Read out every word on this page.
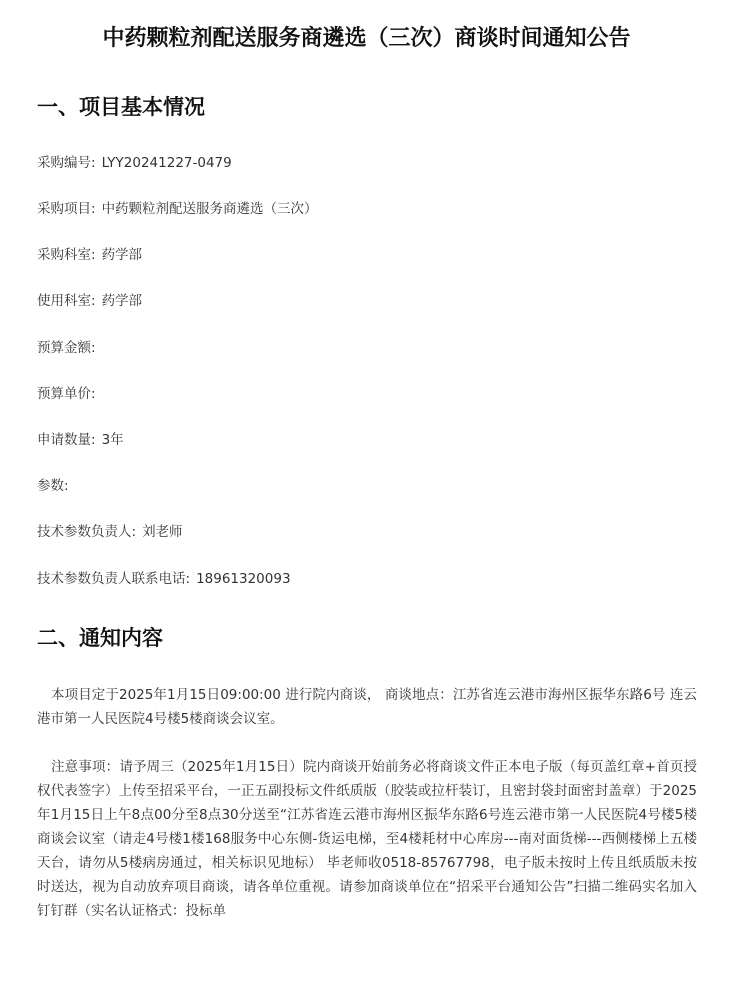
中药颗粒剂配送服务商遴选（三次）商谈时间通知公告
一、项目基本情况
采购编号: LYY20241227-0479
采购项目: 中药颗粒剂配送服务商遴选（三次）
采购科室: 药学部
使用科室: 药学部
预算金额:
预算单价:
申请数量: 3年
参数:
技术参数负责人: 刘老师
技术参数负责人联系电话: 18961320093
二、通知内容
本项目定于2025年1月15日09:00:00 进行院内商谈， 商谈地点：江苏省连云港市海州区振华东路6号 连云港市第一人民医院4号楼5楼商谈会议室。
注意事项：请予周三（2025年1月15日）院内商谈开始前务必将商谈文件正本电子版（每页盖红章+首页授权代表签字）上传至招采平台，一正五副投标文件纸质版（胶装或拉杆装订，且密封袋封面密封盖章）于2025年1月15日上午8点00分至8点30分送至“江苏省连云港市海州区振华东路6号连云港市第一人民医院4号楼5楼商谈会议室（请走4号楼1楼168服务中心东侧-货运电梯，至4楼耗材中心库房---南对面货梯---西侧楼梯上五楼天台，请勿从5楼病房通过，相关标识见地标） 毕老师收0518-85767798，电子版未按时上传且纸质版未按时送达，视为自动放弃项目商谈，请各单位重视。请参加商谈单位在“招采平台通知公告”扫描二维码实名加入钉钉群（实名认证格式：投标单
